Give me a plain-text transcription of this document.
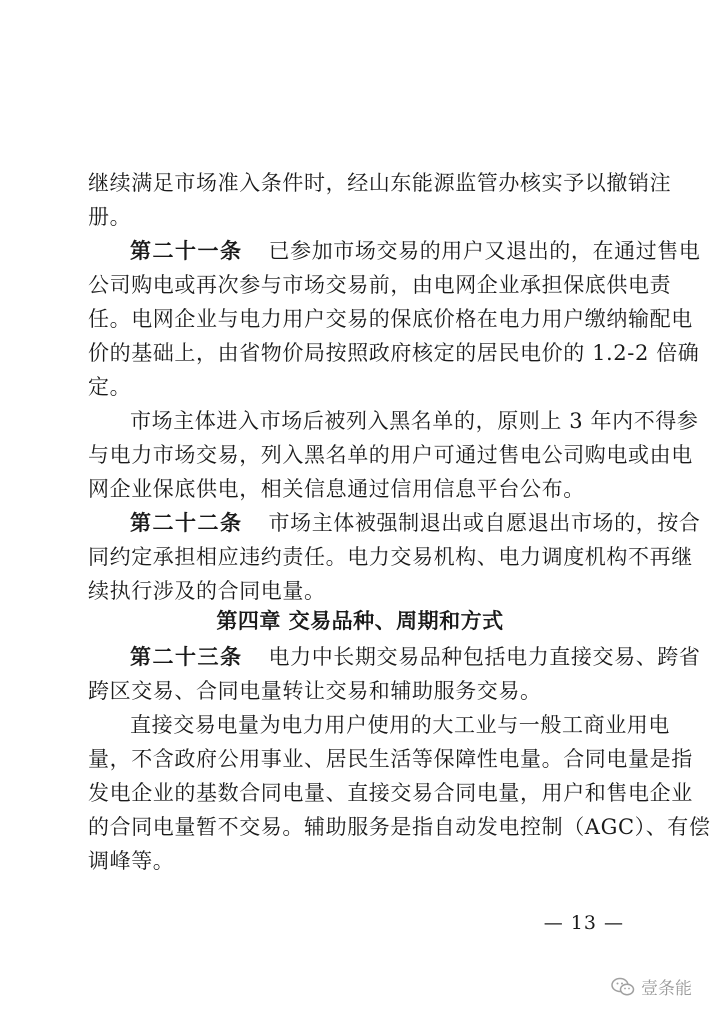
继续满足市场准入条件时，经山东能源监管办核实予以撤销注
册。
第二十一条 已参加市场交易的用户又退出的，在通过售电
公司购电或再次参与市场交易前，由电网企业承担保底供电责
任。电网企业与电力用户交易的保底价格在电力用户缴纳输配电
价的基础上，由省物价局按照政府核定的居民电价的 1.2-2 倍确
定。
市场主体进入市场后被列入黑名单的，原则上 3 年内不得参
与电力市场交易，列入黑名单的用户可通过售电公司购电或由电
网企业保底供电，相关信息通过信用信息平台公布。
第二十二条 市场主体被强制退出或自愿退出市场的，按合
同约定承担相应违约责任。电力交易机构、电力调度机构不再继
续执行涉及的合同电量。
第四章 交易品种、周期和方式
第二十三条 电力中长期交易品种包括电力直接交易、跨省
跨区交易、合同电量转让交易和辅助服务交易。
直接交易电量为电力用户使用的大工业与一般工商业用电
量，不含政府公用事业、居民生活等保障性电量。合同电量是指
发电企业的基数合同电量、直接交易合同电量，用户和售电企业
的合同电量暂不交易。辅助服务是指自动发电控制（AGC）、有偿
调峰等。
— 13 —
壹条能
